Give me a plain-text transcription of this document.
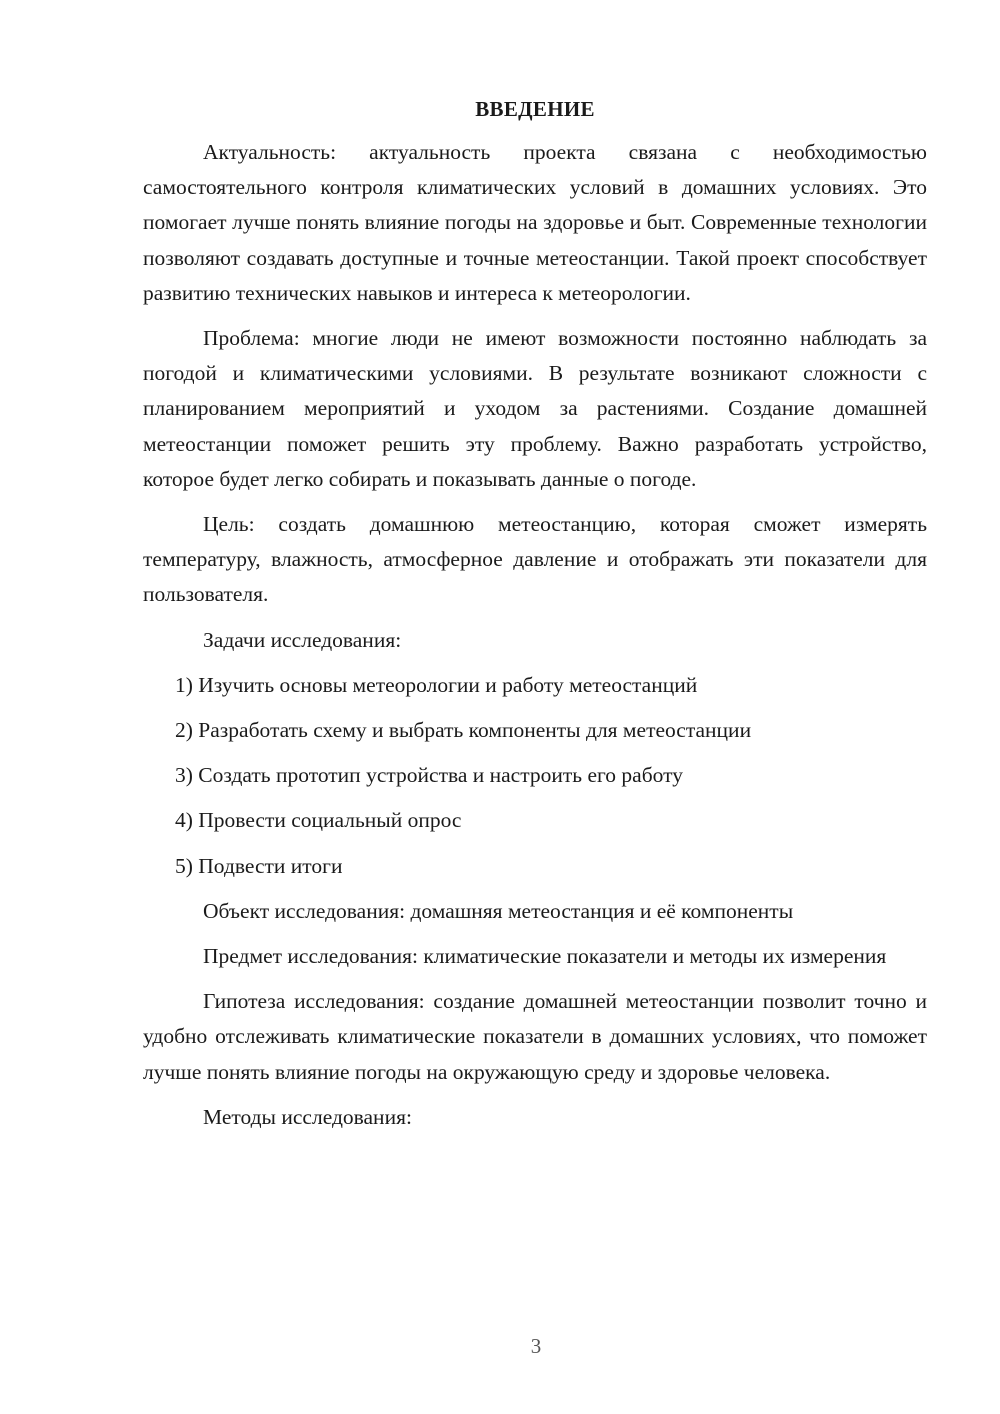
ВВЕДЕНИЕ

Актуальность: актуальность проекта связана с необходимостью самостоятельного контроля климатических условий в домашних условиях. Это помогает лучше понять влияние погоды на здоровье и быт. Современные технологии позволяют создавать доступные и точные метеостанции. Такой проект способствует развитию технических навыков и интереса к метеорологии.

Проблема: многие люди не имеют возможности постоянно наблюдать за погодой и климатическими условиями. В результате возникают сложности с планированием мероприятий и уходом за растениями. Создание домашней метеостанции поможет решить эту проблему. Важно разработать устройство, которое будет легко собирать и показывать данные о погоде.

Цель: создать домашнюю метеостанцию, которая сможет измерять температуру, влажность, атмосферное давление и отображать эти показатели для пользователя.

Задачи исследования:

1) Изучить основы метеорологии и работу метеостанций
2) Разработать схему и выбрать компоненты для метеостанции
3) Создать прототип устройства и настроить его работу
4) Провести социальный опрос
5) Подвести итоги

Объект исследования: домашняя метеостанция и её компоненты

Предмет исследования: климатические показатели и методы их измерения

Гипотеза исследования: создание домашней метеостанции позволит точно и удобно отслеживать климатические показатели в домашних условиях, что поможет лучше понять влияние погоды на окружающую среду и здоровье человека.

Методы исследования:

3
